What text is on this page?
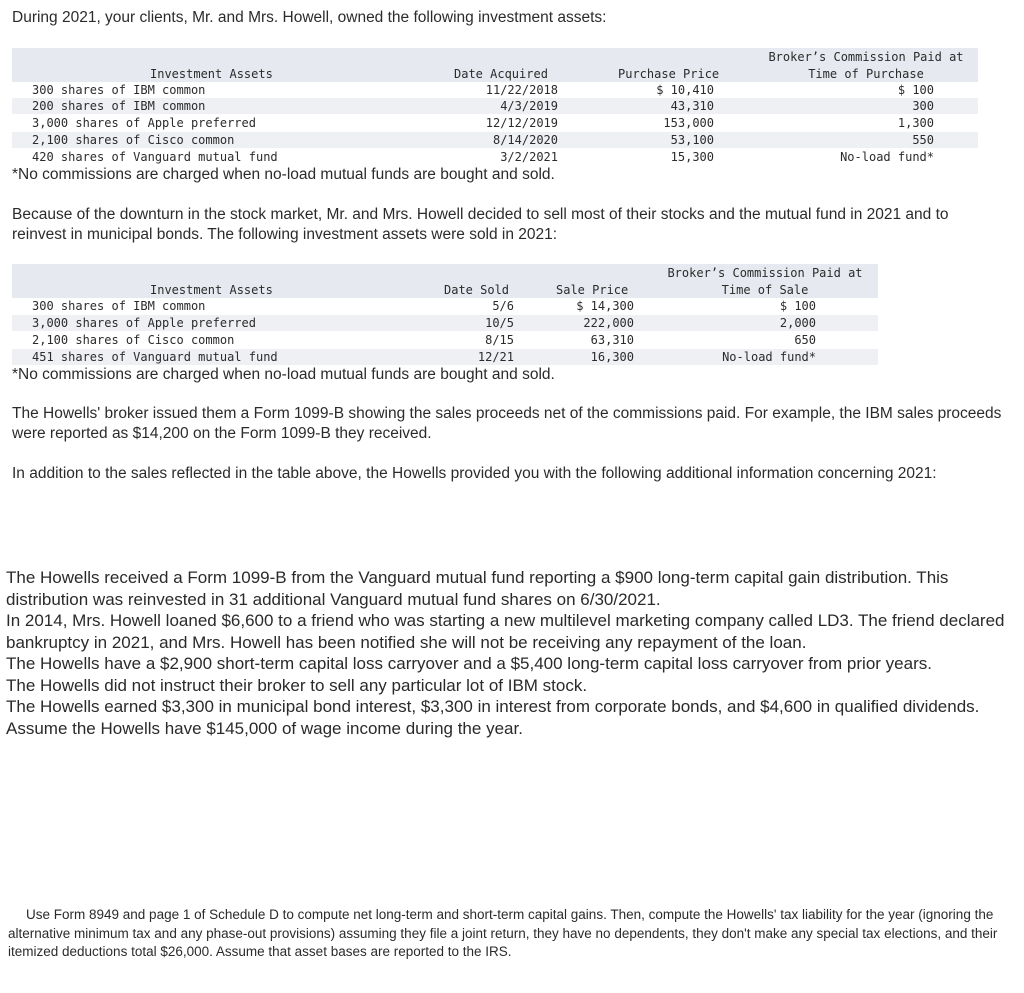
During 2021, your clients, Mr. and Mrs. Howell, owned the following investment assets:
Broker’s Commission Paid at
Investment Assets	Date Acquired	Purchase Price	Time of Purchase
300 shares of IBM common	11/22/2018	$ 10,410	$ 100
200 shares of IBM common	4/3/2019	43,310	300
3,000 shares of Apple preferred	12/12/2019	153,000	1,300
2,100 shares of Cisco common	8/14/2020	53,100	550
420 shares of Vanguard mutual fund	3/2/2021	15,300	No-load fund*
*No commissions are charged when no-load mutual funds are bought and sold.
Because of the downturn in the stock market, Mr. and Mrs. Howell decided to sell most of their stocks and the mutual fund in 2021 and to reinvest in municipal bonds. The following investment assets were sold in 2021:
Broker’s Commission Paid at
Investment Assets	Date Sold	Sale Price	Time of Sale
300 shares of IBM common	5/6	$ 14,300	$ 100
3,000 shares of Apple preferred	10/5	222,000	2,000
2,100 shares of Cisco common	8/15	63,310	650
451 shares of Vanguard mutual fund	12/21	16,300	No-load fund*
*No commissions are charged when no-load mutual funds are bought and sold.
The Howells' broker issued them a Form 1099-B showing the sales proceeds net of the commissions paid. For example, the IBM sales proceeds were reported as $14,200 on the Form 1099-B they received.
In addition to the sales reflected in the table above, the Howells provided you with the following additional information concerning 2021:

The Howells received a Form 1099-B from the Vanguard mutual fund reporting a $900 long-term capital gain distribution. This distribution was reinvested in 31 additional Vanguard mutual fund shares on 6/30/2021.

In 2014, Mrs. Howell loaned $6,600 to a friend who was starting a new multilevel marketing company called LD3. The friend declared bankruptcy in 2021, and Mrs. Howell has been notified she will not be receiving any repayment of the loan.

The Howells have a $2,900 short-term capital loss carryover and a $5,400 long-term capital loss carryover from prior years.

The Howells did not instruct their broker to sell any particular lot of IBM stock.

The Howells earned $3,300 in municipal bond interest, $3,300 in interest from corporate bonds, and $4,600 in qualified dividends.

Assume the Howells have $145,000 of wage income during the year.

Use Form 8949 and page 1 of Schedule D to compute net long-term and short-term capital gains. Then, compute the Howells' tax liability for the year (ignoring the alternative minimum tax and any phase-out provisions) assuming they file a joint return, they have no dependents, they don't make any special tax elections, and their itemized deductions total $26,000. Assume that asset bases are reported to the IRS.
